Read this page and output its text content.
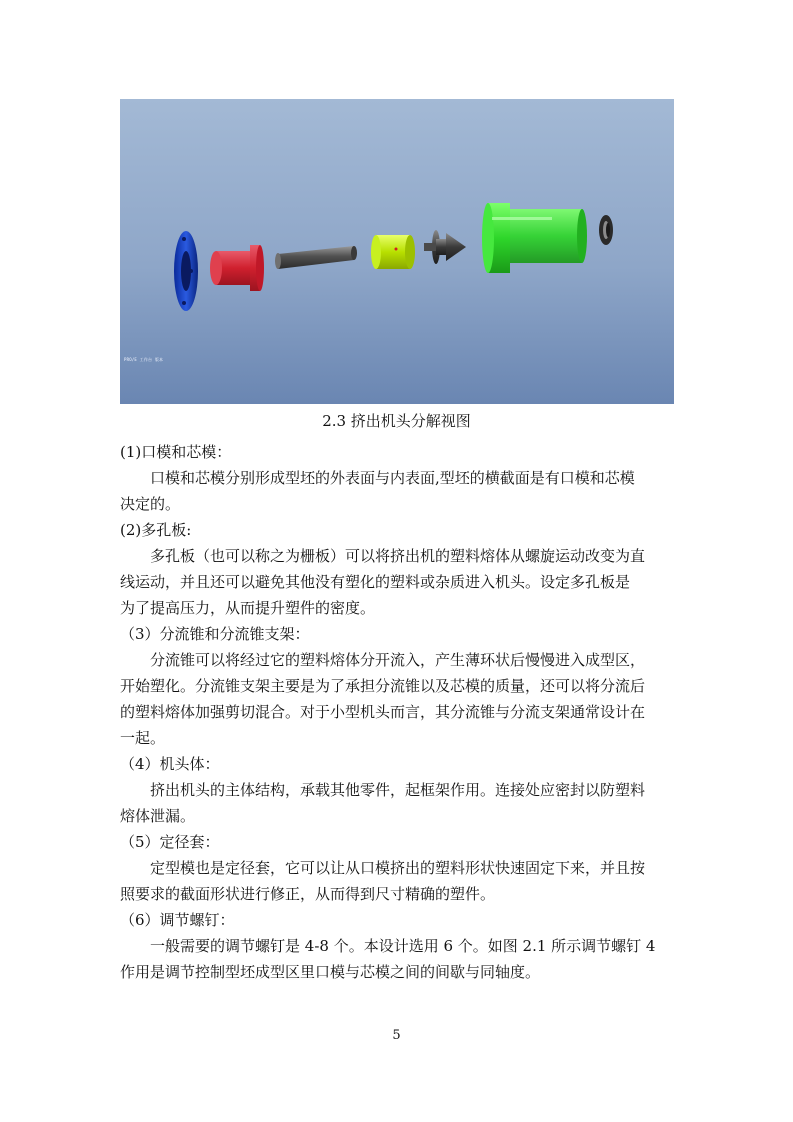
PRO/E 工作台 版本
2.3 挤出机头分解视图
(1)口模和芯模：
口模和芯模分别形成型坯的外表面与内表面,型坯的横截面是有口模和芯模
决定的。
(2)多孔板:
多孔板（也可以称之为栅板）可以将挤出机的塑料熔体从螺旋运动改变为直
线运动，并且还可以避免其他没有塑化的塑料或杂质进入机头。设定多孔板是
为了提高压力，从而提升塑件的密度。
（3）分流锥和分流锥支架：
分流锥可以将经过它的塑料熔体分开流入，产生薄环状后慢慢进入成型区，
开始塑化。分流锥支架主要是为了承担分流锥以及芯模的质量，还可以将分流后
的塑料熔体加强剪切混合。对于小型机头而言，其分流锥与分流支架通常设计在
一起。
（4）机头体：
挤出机头的主体结构，承载其他零件，起框架作用。连接处应密封以防塑料
熔体泄漏。
（5）定径套：
定型模也是定径套，它可以让从口模挤出的塑料形状快速固定下来，并且按
照要求的截面形状进行修正，从而得到尺寸精确的塑件。
（6）调节螺钉：
一般需要的调节螺钉是 4-8 个。本设计选用 6 个。如图 2.1 所示调节螺钉 4
作用是调节控制型坯成型区里口模与芯模之间的间歇与同轴度。
5
